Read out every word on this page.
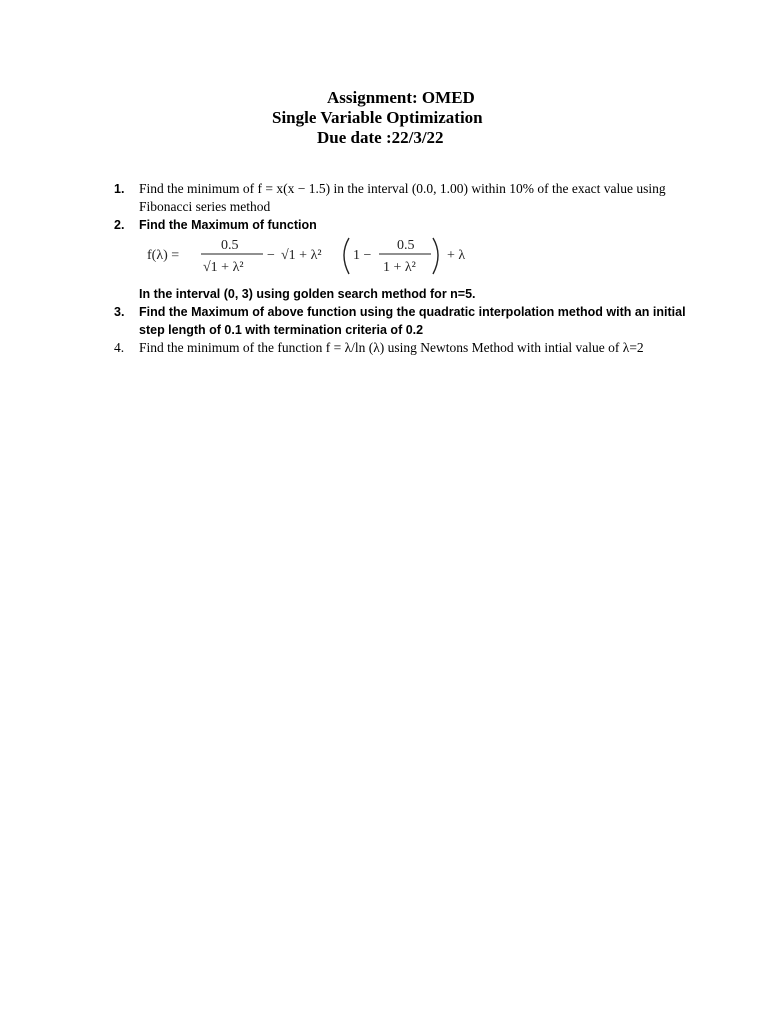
Assignment: OMED
Single Variable Optimization
Due date :22/3/22
1. Find the minimum of f = x(x − 1.5) in the interval (0.0, 1.00) within 10% of the exact value using Fibonacci series method
2. Find the Maximum of function
f(λ) =
0.5
√1 + λ²
− √1 + λ² 1 −
0.5
1 + λ²
+ λ
In the interval (0, 3) using golden search method for n=5.
3. Find the Maximum of above function using the quadratic interpolation method with an initial step length of 0.1 with termination criteria of 0.2
4. Find the minimum of the function f = λ/ln (λ) using Newtons Method with intial value of λ=2
